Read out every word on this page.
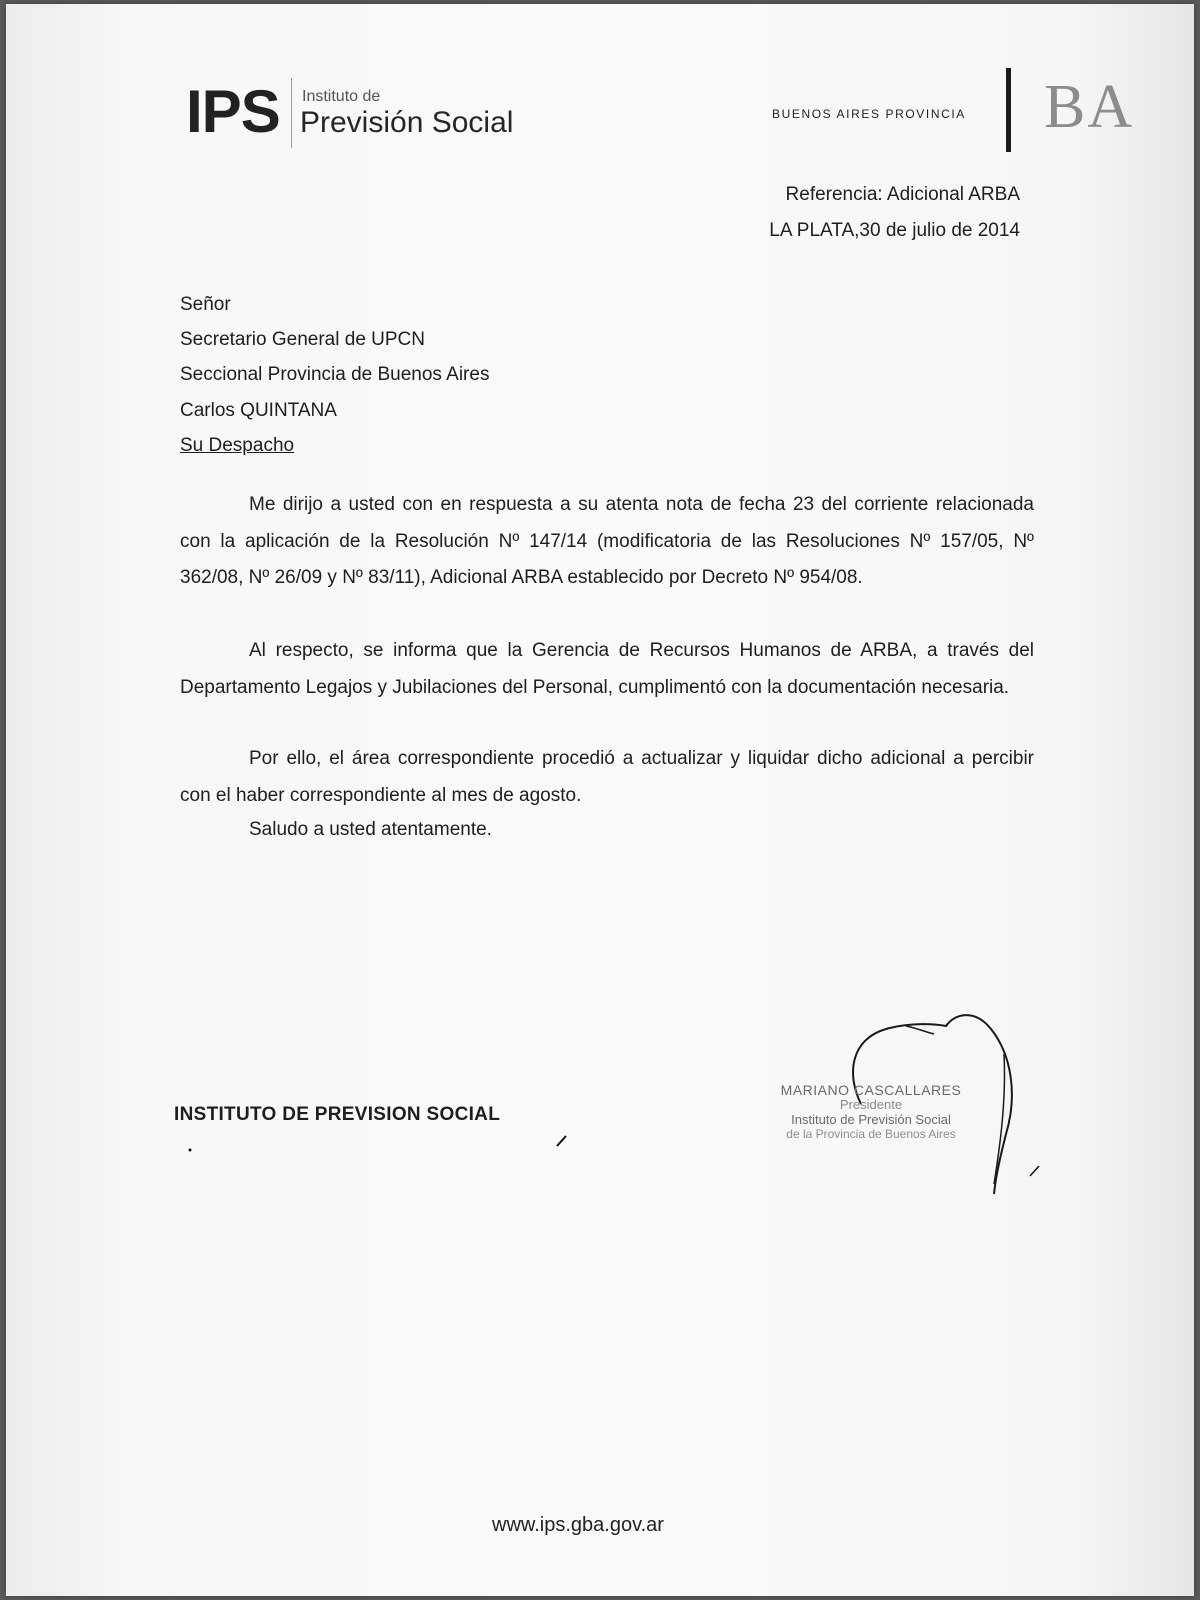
IPS Instituto de
Previsión Social	BUENOS AIRES PROVINCIA BA
Referencia: Adicional ARBA
LA PLATA,30 de julio de 2014
Señor
Secretario General de UPCN
Seccional Provincia de Buenos Aires
Carlos QUINTANA
Su Despacho

Me dirijo a usted con en respuesta a su atenta nota de fecha 23 del corriente relacionada con la aplicación de la Resolución Nº 147/14 (modificatoria de las Resoluciones Nº 157/05, Nº 362/08, Nº 26/09 y Nº 83/11), Adicional ARBA establecido por Decreto Nº 954/08.

Al respecto, se informa que la Gerencia de Recursos Humanos de ARBA, a través del Departamento Legajos y Jubilaciones del Personal, cumplimentó con la documentación necesaria.

Por ello, el área correspondiente procedió a actualizar y liquidar dicho adicional a percibir con el haber correspondiente al mes de agosto.

Saludo a usted atentamente.

INSTITUTO DE PREVISION SOCIAL
MARIANO CASCALLARES
Presidente
Instituto de Previsión Social
de la Provincia de Buenos Aires
www.ips.gba.gov.ar
